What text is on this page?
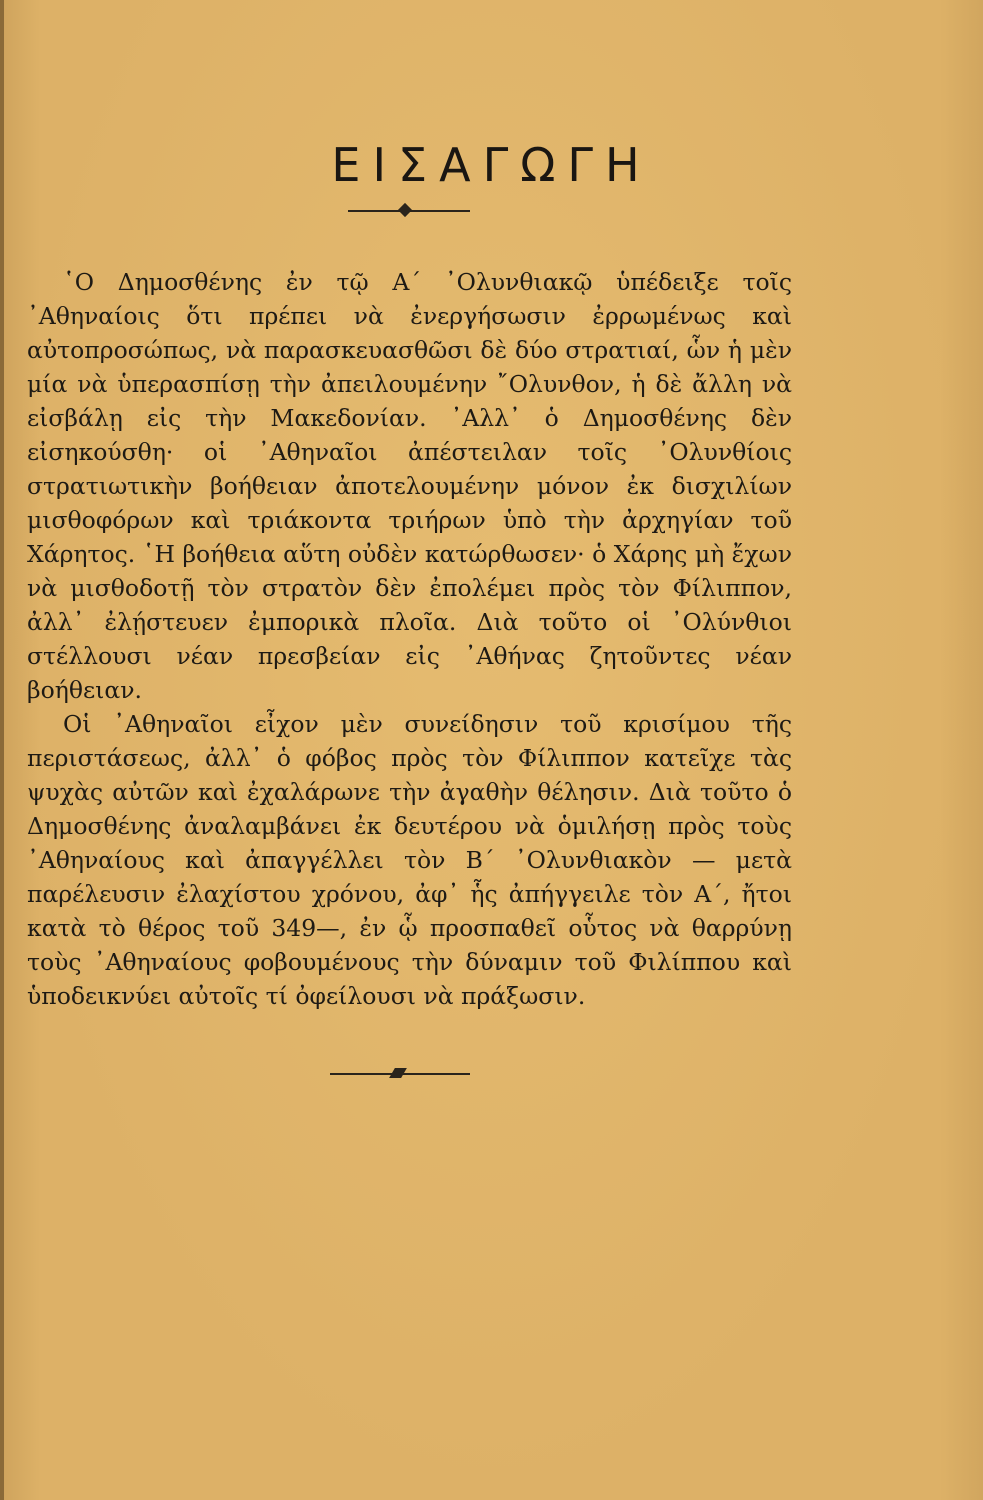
ΕΙΣΑΓΩΓΗ

῾Ο Δημοσθένης ἐν τῷ Α´ ᾿Ολυνθιακῷ ὑπέδειξε τοῖς ᾿Αθηναίοις ὅτι πρέπει νὰ ἐνεργήσωσιν ἐρρωμένως καὶ αὐτοπροσώπως, νὰ παρασκευασθῶσι δὲ δύο στρατιαί, ὧν ἡ μὲν μία νὰ ὑπερασπίσῃ τὴν ἀπειλουμένην ῎Ολυνθον, ἡ δὲ ἄλλη νὰ εἰσβάλῃ εἰς τὴν Μακεδονίαν. ᾿Αλλ᾿ ὁ Δημοσθένης δὲν εἰσηκούσθη· οἱ ᾿Αθηναῖοι ἀπέστειλαν τοῖς ᾿Ολυνθίοις στρατιωτικὴν βοήθειαν ἀποτελουμένην μόνον ἐκ δισχιλίων μισθοφόρων καὶ τριάκοντα τριήρων ὑπὸ τὴν ἀρχηγίαν τοῦ Χάρητος. ῾Η βοήθεια αὕτη οὐδὲν κατώρθωσεν· ὁ Χάρης μὴ ἔχων νὰ μισθοδοτῇ τὸν στρατὸν δὲν ἐπολέμει πρὸς τὸν Φίλιππον, ἀλλ᾿ ἐλῄστευεν ἐμπορικὰ πλοῖα. Διὰ τοῦτο οἱ ᾿Ολύνθιοι στέλλουσι νέαν πρεσβείαν εἰς ᾿Αθήνας ζητοῦντες νέαν βοήθειαν.

Οἱ ᾿Αθηναῖοι εἶχον μὲν συνείδησιν τοῦ κρισίμου τῆς περιστάσεως, ἀλλ᾿ ὁ φόβος πρὸς τὸν Φίλιππον κατεῖχε τὰς ψυχὰς αὐτῶν καὶ ἐχαλάρωνε τὴν ἀγαθὴν θέλησιν. Διὰ τοῦτο ὁ Δημοσθένης ἀναλαμβάνει ἐκ δευτέρου νὰ ὁμιλήσῃ πρὸς τοὺς ᾿Αθηναίους καὶ ἀπαγγέλλει τὸν Β´ ᾿Ολυνθιακὸν — μετὰ παρέλευσιν ἐλαχίστου χρόνου, ἀφ᾿ ἧς ἀπήγγειλε τὸν Α´, ἤτοι κατὰ τὸ θέρος τοῦ 349—, ἐν ᾧ προσπαθεῖ οὗτος νὰ θαρρύνῃ τοὺς ᾿Αθηναίους φοβουμένους τὴν δύναμιν τοῦ Φιλίππου καὶ ὑποδεικνύει αὐτοῖς τί ὀφείλουσι νὰ πράξωσιν.
